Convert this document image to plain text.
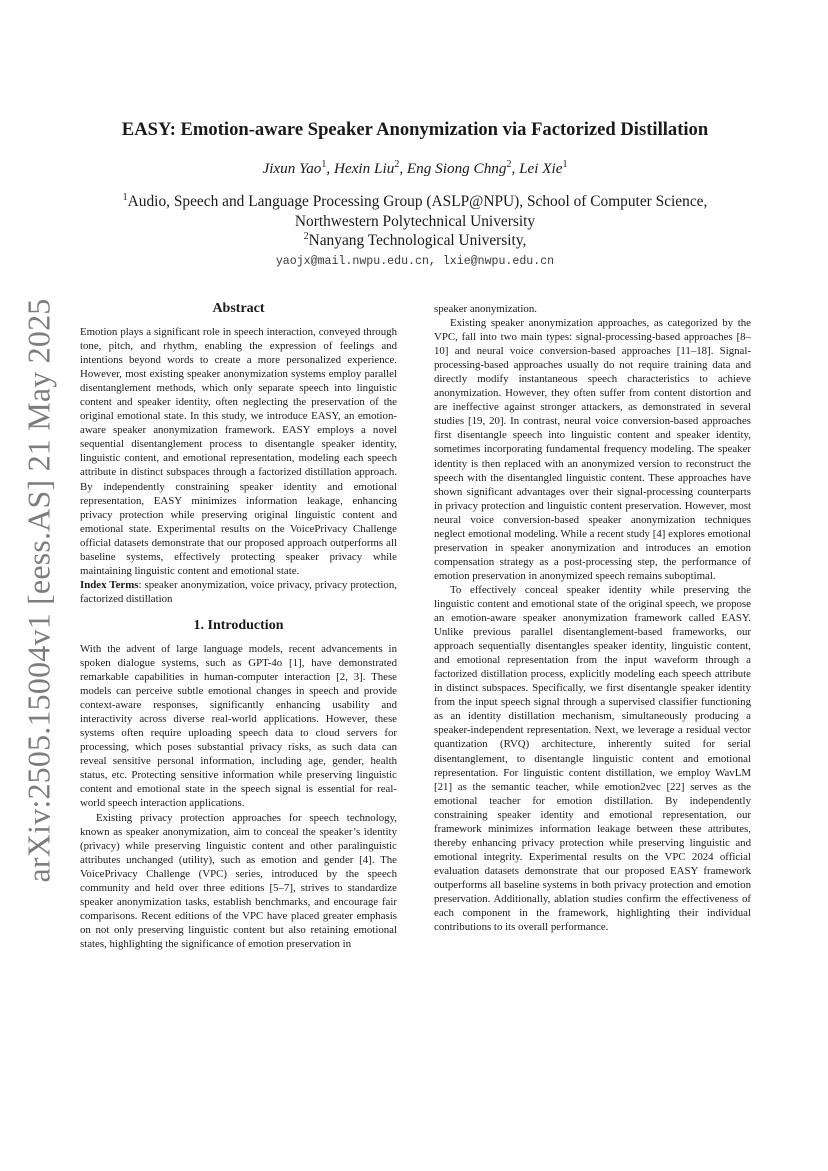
arXiv:2505.15004v1 [eess.AS] 21 May 2025
EASY: Emotion-aware Speaker Anonymization via Factorized Distillation
Jixun Yao$^1$, Hexin Liu$^2$, Eng Siong Chng$^2$, Lei Xie$^1$

$^1$Audio, Speech and Language Processing Group (ASLP@NPU), School of Computer Science,

Northwestern Polytechnical University

$^2$Nanyang Technological University,

yaojx@mail.nwpu.edu.cn, lxie@nwpu.edu.cn
Abstract

Emotion plays a significant role in speech interaction, conveyed through tone, pitch, and rhythm, enabling the expression of feelings and intentions beyond words to create a more personalized experience. However, most existing speaker anonymization systems employ parallel disentanglement methods, which only separate speech into linguistic content and speaker identity, often neglecting the preservation of the original emotional state. In this study, we introduce EASY, an emotion-aware speaker anonymization framework. EASY employs a novel sequential disentanglement process to disentangle speaker identity, linguistic content, and emotional representation, modeling each speech attribute in distinct subspaces through a factorized distillation approach. By independently constraining speaker identity and emotional representation, EASY minimizes information leakage, enhancing privacy protection while preserving original linguistic content and emotional state. Experimental results on the VoicePrivacy Challenge official datasets demonstrate that our proposed approach outperforms all baseline systems, effectively protecting speaker privacy while maintaining linguistic content and emotional state.

Index Terms: speaker anonymization, voice privacy, privacy protection, factorized distillation

1. Introduction

With the advent of large language models, recent advancements in spoken dialogue systems, such as GPT-4o [1], have demonstrated remarkable capabilities in human-computer interaction [2, 3]. These models can perceive subtle emotional changes in speech and provide context-aware responses, significantly enhancing usability and interactivity across diverse real-world applications. However, these systems often require uploading speech data to cloud servers for processing, which poses substantial privacy risks, as such data can reveal sensitive personal information, including age, gender, health status, etc. Protecting sensitive information while preserving linguistic content and emotional state in the speech signal is essential for real-world speech interaction applications.

Existing privacy protection approaches for speech technology, known as speaker anonymization, aim to conceal the speaker’s identity (privacy) while preserving linguistic content and other paralinguistic attributes unchanged (utility), such as emotion and gender [4]. The VoicePrivacy Challenge (VPC) series, introduced by the speech community and held over three editions [5–7], strives to standardize speaker anonymization tasks, establish benchmarks, and encourage fair comparisons. Recent editions of the VPC have placed greater emphasis on not only preserving linguistic content but also retaining emotional states, highlighting the significance of emotion preservation in

speaker anonymization.

Existing speaker anonymization approaches, as categorized by the VPC, fall into two main types: signal-processing-based approaches [8–10] and neural voice conversion-based approaches [11–18]. Signal-processing-based approaches usually do not require training data and directly modify instantaneous speech characteristics to achieve anonymization. However, they often suffer from content distortion and are ineffective against stronger attackers, as demonstrated in several studies [19, 20]. In contrast, neural voice conversion-based approaches first disentangle speech into linguistic content and speaker identity, sometimes incorporating fundamental frequency modeling. The speaker identity is then replaced with an anonymized version to reconstruct the speech with the disentangled linguistic content. These approaches have shown significant advantages over their signal-processing counterparts in privacy protection and linguistic content preservation. However, most neural voice conversion-based speaker anonymization techniques neglect emotional modeling. While a recent study [4] explores emotional preservation in speaker anonymization and introduces an emotion compensation strategy as a post-processing step, the performance of emotion preservation in anonymized speech remains suboptimal.

To effectively conceal speaker identity while preserving the linguistic content and emotional state of the original speech, we propose an emotion-aware speaker anonymization framework called EASY. Unlike previous parallel disentanglement-based frameworks, our approach sequentially disentangles speaker identity, linguistic content, and emotional representation from the input waveform through a factorized distillation process, explicitly modeling each speech attribute in distinct subspaces. Specifically, we first disentangle speaker identity from the input speech signal through a supervised classifier functioning as an identity distillation mechanism, simultaneously producing a speaker-independent representation. Next, we leverage a residual vector quantization (RVQ) architecture, inherently suited for serial disentanglement, to disentangle linguistic content and emotional representation. For linguistic content distillation, we employ WavLM [21] as the semantic teacher, while emotion2vec [22] serves as the emotional teacher for emotion distillation. By independently constraining speaker identity and emotional representation, our framework minimizes information leakage between these attributes, thereby enhancing privacy protection while preserving linguistic and emotional integrity. Experimental results on the VPC 2024 official evaluation datasets demonstrate that our proposed EASY framework outperforms all baseline systems in both privacy protection and emotion preservation. Additionally, ablation studies confirm the effectiveness of each component in the framework, highlighting their individual contributions to its overall performance.
